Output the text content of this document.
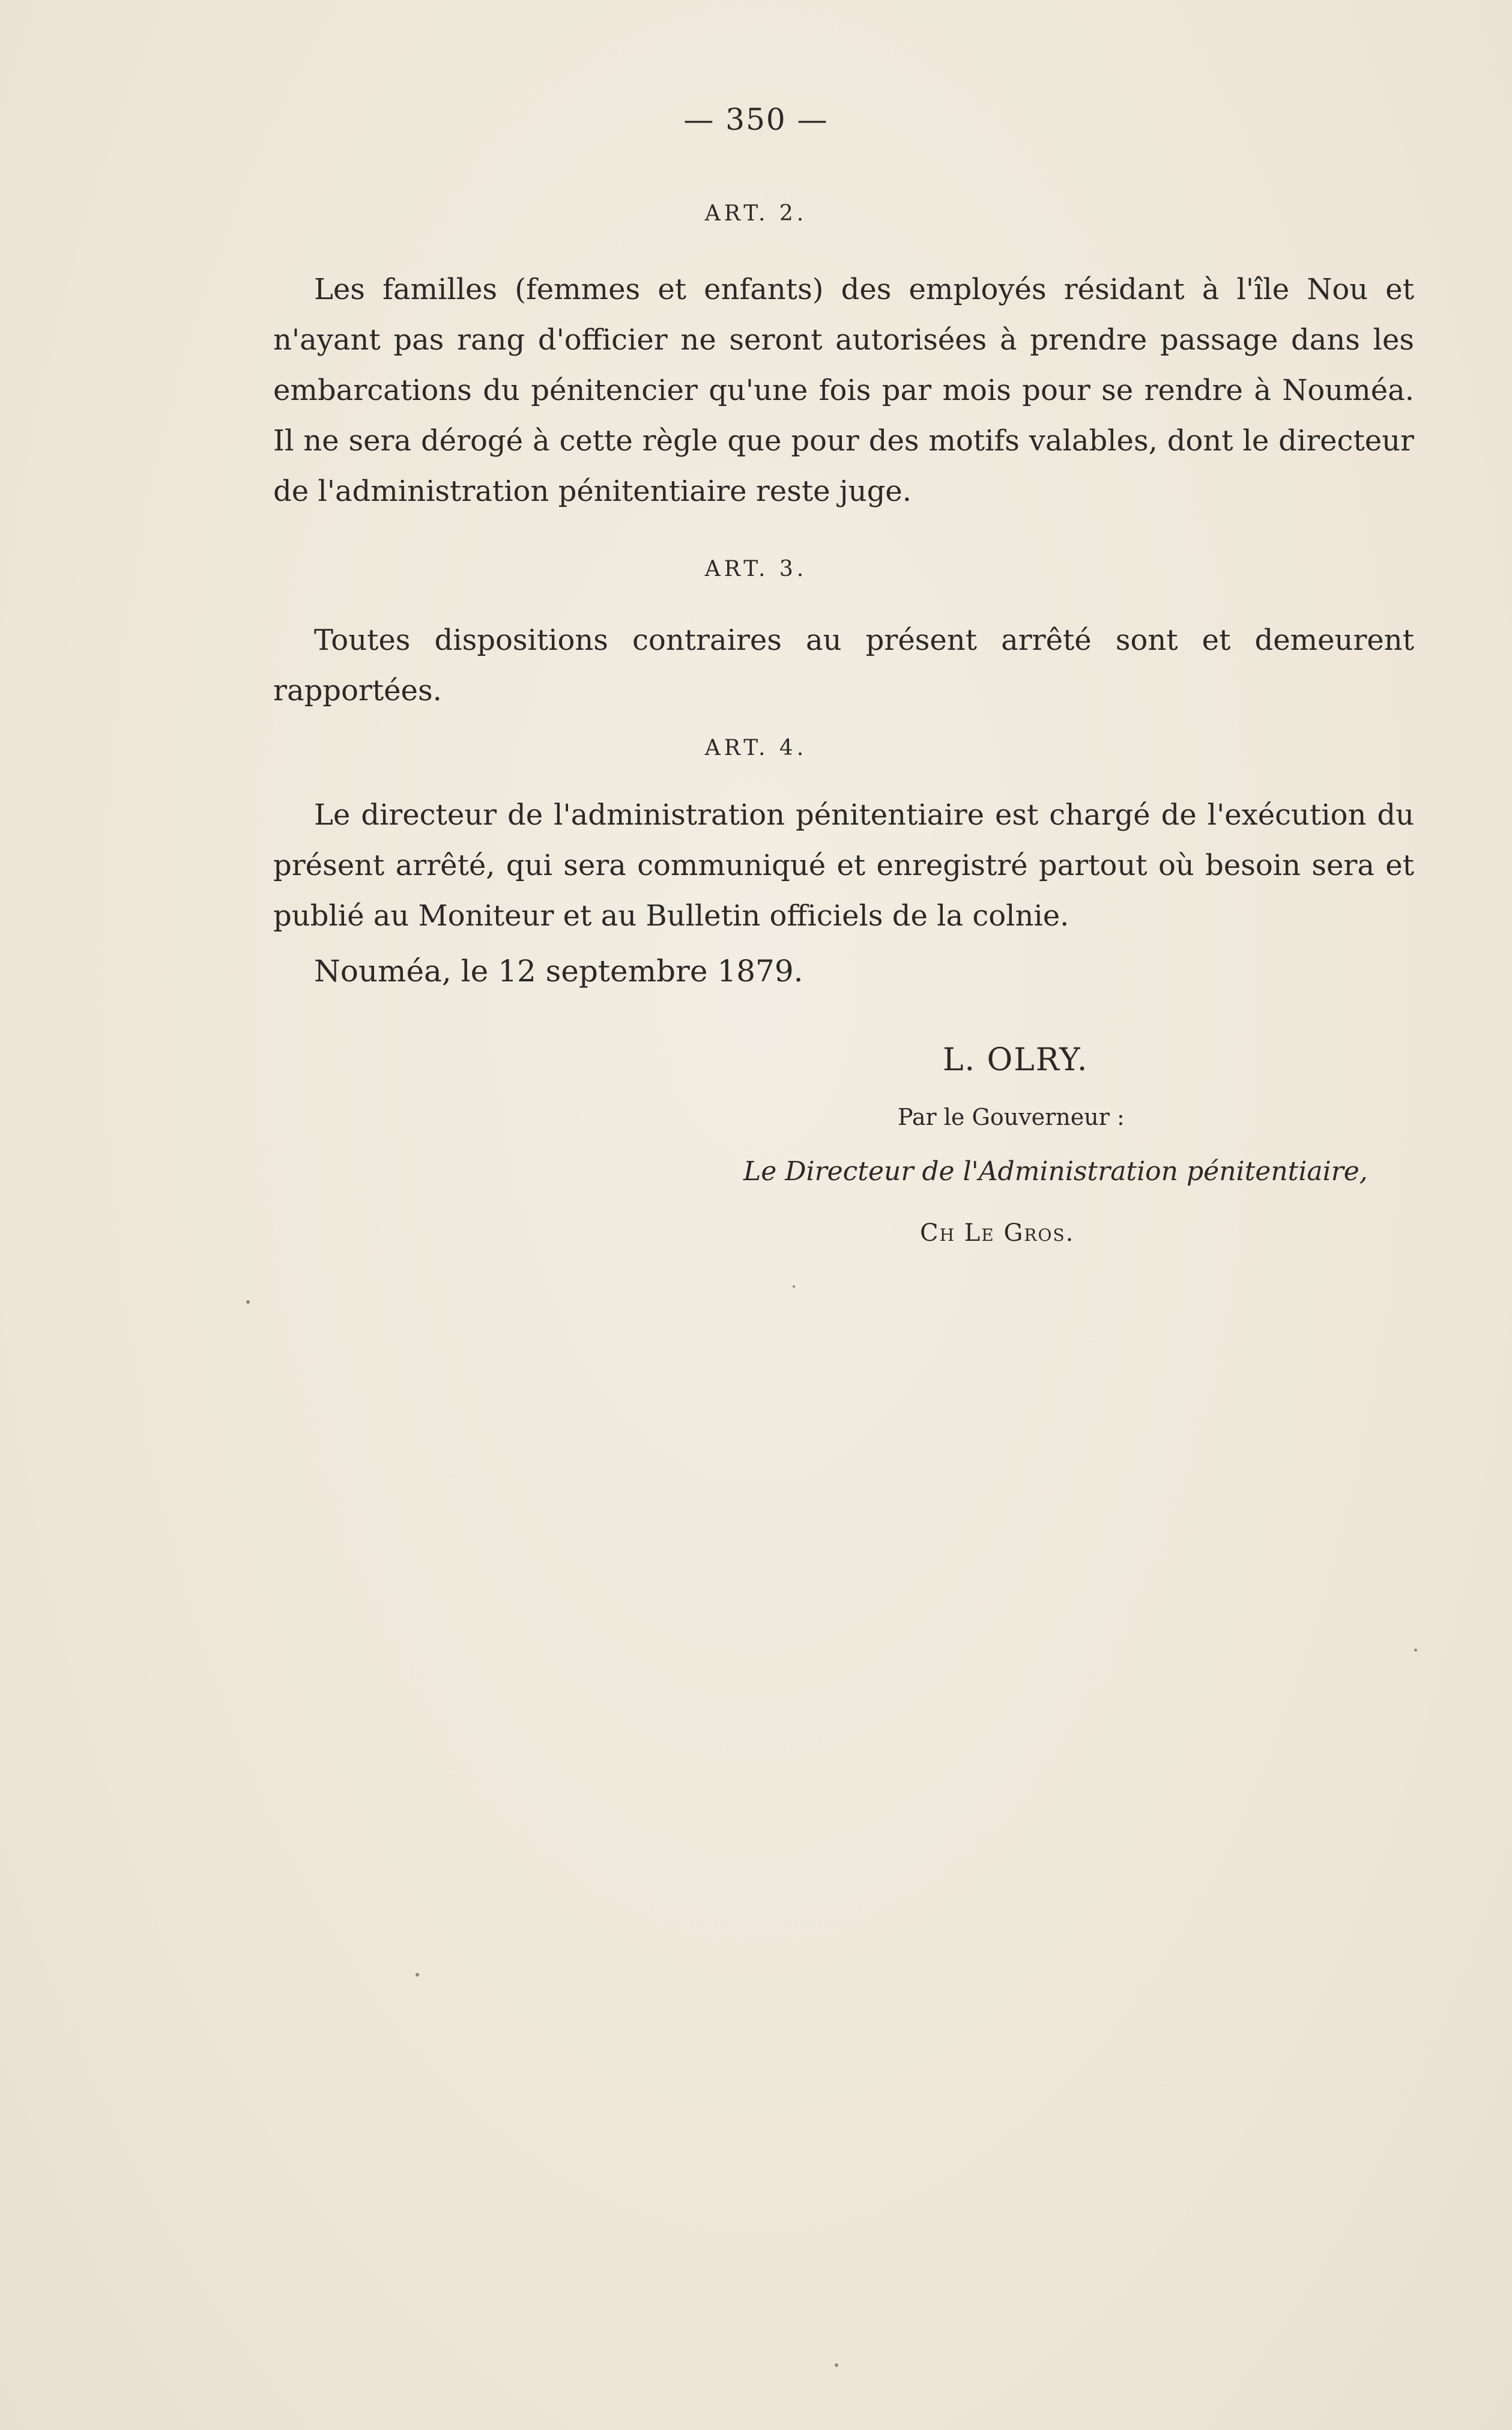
— 350 —
ART. 2.

Les familles (femmes et enfants) des employés résidant à l'île Nou et n'ayant pas rang d'officier ne seront autorisées à prendre passage dans les embarcations du pénitencier qu'une fois par mois pour se rendre à Nouméa. Il ne sera dérogé à cette règle que pour des motifs valables, dont le directeur de l'administration pénitentiaire reste juge.

ART. 3.

Toutes dispositions contraires au présent arrêté sont et demeurent rapportées.

ART. 4.

Le directeur de l'administration pénitentiaire est chargé de l'exécution du présent arrêté, qui sera communiqué et enregistré partout où besoin sera et publié au Moniteur et au Bulletin officiels de la colnie.

Nouméa, le 12 septembre 1879.
L. OLRY.
Par le Gouverneur :
Le Directeur de l'Administration pénitentiaire,
Ch Le Gros.
